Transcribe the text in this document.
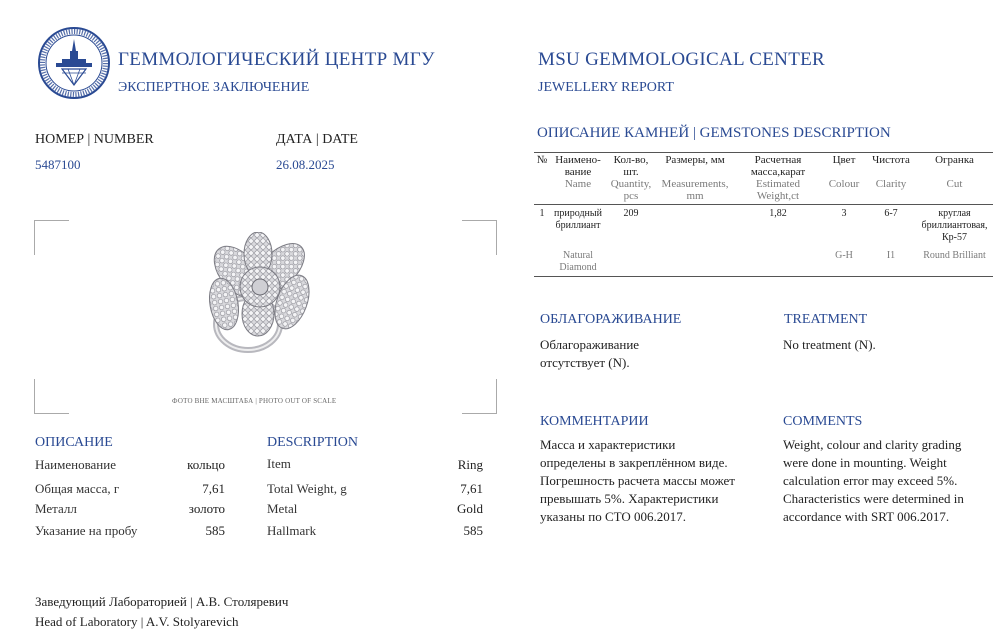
ГЕММОЛОГИЧЕСКИЙ ЦЕНТР МГУ
ЭКСПЕРТНОЕ ЗАКЛЮЧЕНИЕ
MSU GEMMOLOGICAL CENTER
JEWELLERY REPORT
НОМЕР | NUMBER
5487100
ДАТА | DATE
26.08.2025
ФОТО ВНЕ МАСШТАБА | PHOTO OUT OF SCALE
ОПИСАНИЕ	DESCRIPTION
Наименование	кольцо	Item	Ring
Общая масса, г	7,61	Total Weight, g	7,61
Металл	золото	Metal	Gold
Указание на пробу	585	Hallmark	585
ОПИСАНИЕ КАМНЕЙ | GEMSTONES DESCRIPTION
№	Наимено-вание	Кол-во, шт.	Размеры, мм	Расчетная масса,карат	Цвет	Чистота	Огранка
	Name	Quantity, pcs	Measurements, mm	Estimated Weight,ct	Colour	Clarity	Cut
1	природный бриллиант	209		1,82	3	6-7	круглая бриллиантовая, Кр-57
	Natural Diamond				G-H	I1	Round Brilliant
ОБЛАГОРАЖИВАНИЕ
Облагораживание
отсутствует (N).
TREATMENT
No treatment (N).
КОММЕНТАРИИ
Масса и характеристики
определены в закреплённом виде.
Погрешность расчета массы может
превышать 5%. Характеристики
указаны по СТО 006.2017.
COMMENTS
Weight, colour and clarity grading
were done in mounting. Weight
calculation error may exceed 5%.
Characteristics were determined in
accordance with SRT 006.2017.
Заведующий Лабораторией | А.В. Столяревич
Head of Laboratory | A.V. Stolyarevich
